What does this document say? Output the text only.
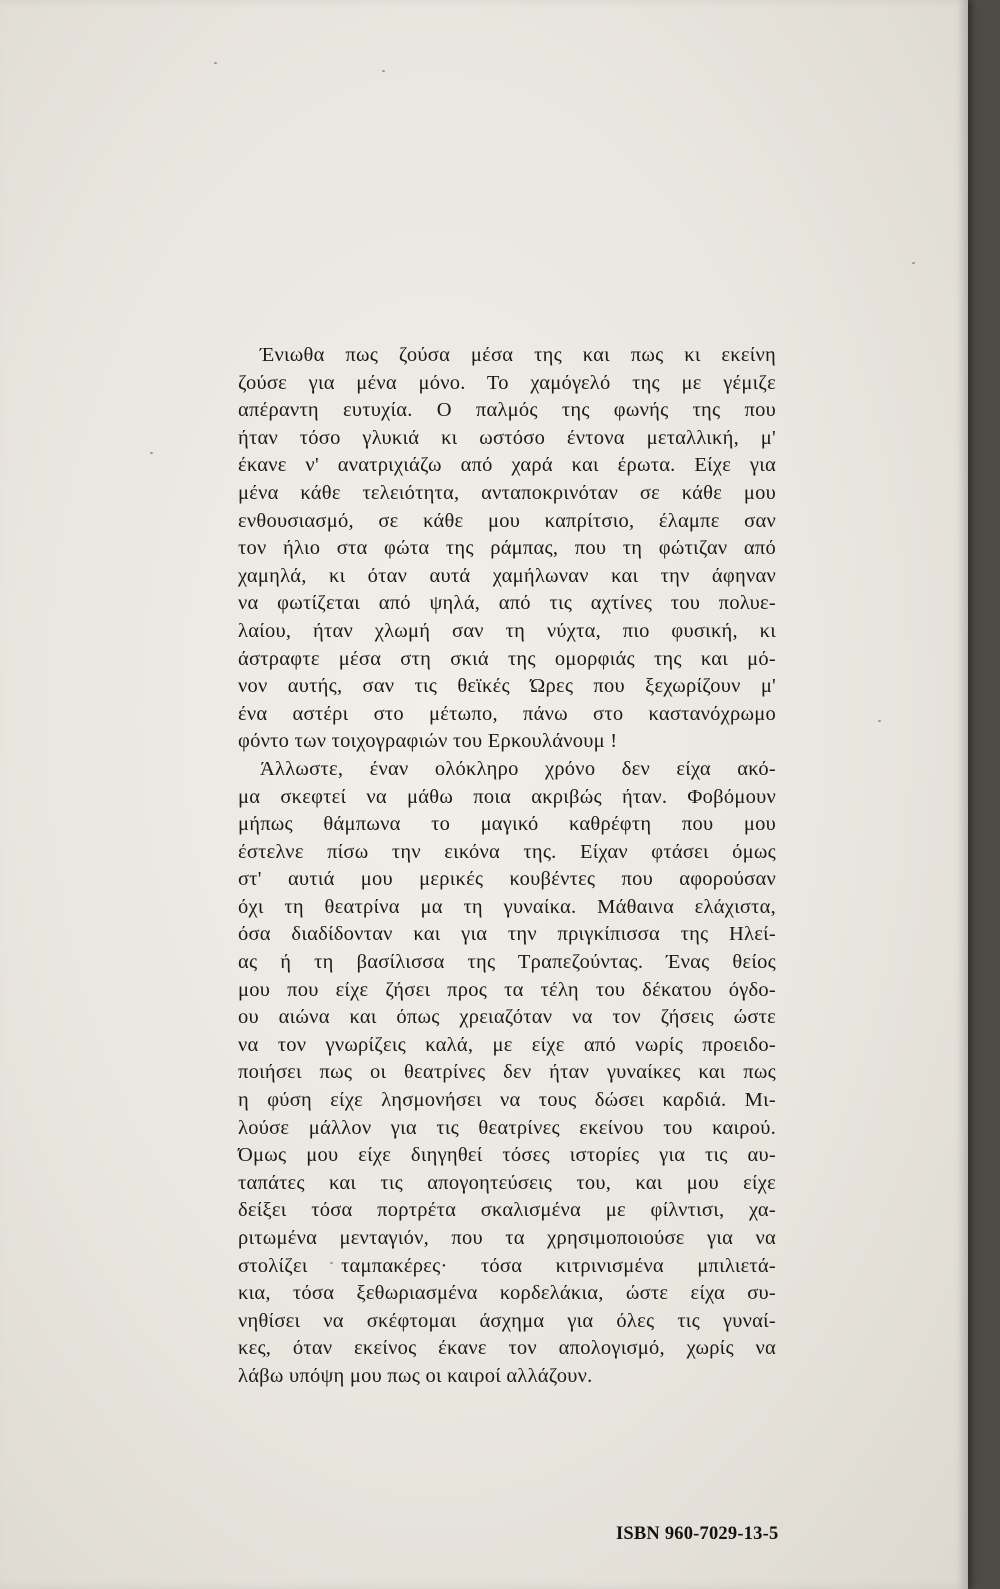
Ένιωθα πως ζούσα μέσα της και πως κι εκείνη
ζούσε για μένα μόνο. Το χαμόγελό της με γέμιζε
απέραντη ευτυχία. Ο παλμός της φωνής της που
ήταν τόσο γλυκιά κι ωστόσο έντονα μεταλλική, μ'
έκανε ν' ανατριχιάζω από χαρά και έρωτα. Είχε για
μένα κάθε τελειότητα, ανταποκρινόταν σε κάθε μου
ενθουσιασμό, σε κάθε μου καπρίτσιο, έλαμπε σαν
τον ήλιο στα φώτα της ράμπας, που τη φώτιζαν από
χαμηλά, κι όταν αυτά χαμήλωναν και την άφηναν
να φωτίζεται από ψηλά, από τις αχτίνες του πολυε-
λαίου, ήταν χλωμή σαν τη νύχτα, πιο φυσική, κι
άστραφτε μέσα στη σκιά της ομορφιάς της και μό-
νον αυτής, σαν τις θεϊκές Ώρες που ξεχωρίζουν μ'
ένα αστέρι στο μέτωπο, πάνω στο καστανόχρωμο
φόντο των τοιχογραφιών του Ερκουλάνουμ !
Άλλωστε, έναν ολόκληρο χρόνο δεν είχα ακό-
μα σκεφτεί να μάθω ποια ακριβώς ήταν. Φοβόμουν
μήπως θάμπωνα το μαγικό καθρέφτη που μου
έστελνε πίσω την εικόνα της. Είχαν φτάσει όμως
στ' αυτιά μου μερικές κουβέντες που αφορούσαν
όχι τη θεατρίνα μα τη γυναίκα. Μάθαινα ελάχιστα,
όσα διαδίδονταν και για την πριγκίπισσα της Ηλεί-
ας ή τη βασίλισσα της Τραπεζούντας. Ένας θείος
μου που είχε ζήσει προς τα τέλη του δέκατου όγδο-
ου αιώνα και όπως χρειαζόταν να τον ζήσεις ώστε
να τον γνωρίζεις καλά, με είχε από νωρίς προειδο-
ποιήσει πως οι θεατρίνες δεν ήταν γυναίκες και πως
η φύση είχε λησμονήσει να τους δώσει καρδιά. Μι-
λούσε μάλλον για τις θεατρίνες εκείνου του καιρού.
Όμως μου είχε διηγηθεί τόσες ιστορίες για τις αυ-
ταπάτες και τις απογοητεύσεις του, και μου είχε
δείξει τόσα πορτρέτα σκαλισμένα με φίλντισι, χα-
ριτωμένα μενταγιόν, που τα χρησιμοποιούσε για να
στολίζει ταμπακέρες· τόσα κιτρινισμένα μπιλιετά-
κια, τόσα ξεθωριασμένα κορδελάκια, ώστε είχα συ-
νηθίσει να σκέφτομαι άσχημα για όλες τις γυναί-
κες, όταν εκείνος έκανε τον απολογισμό, χωρίς να
λάβω υπόψη μου πως οι καιροί αλλάζουν.
ISBN 960-7029-13-5
